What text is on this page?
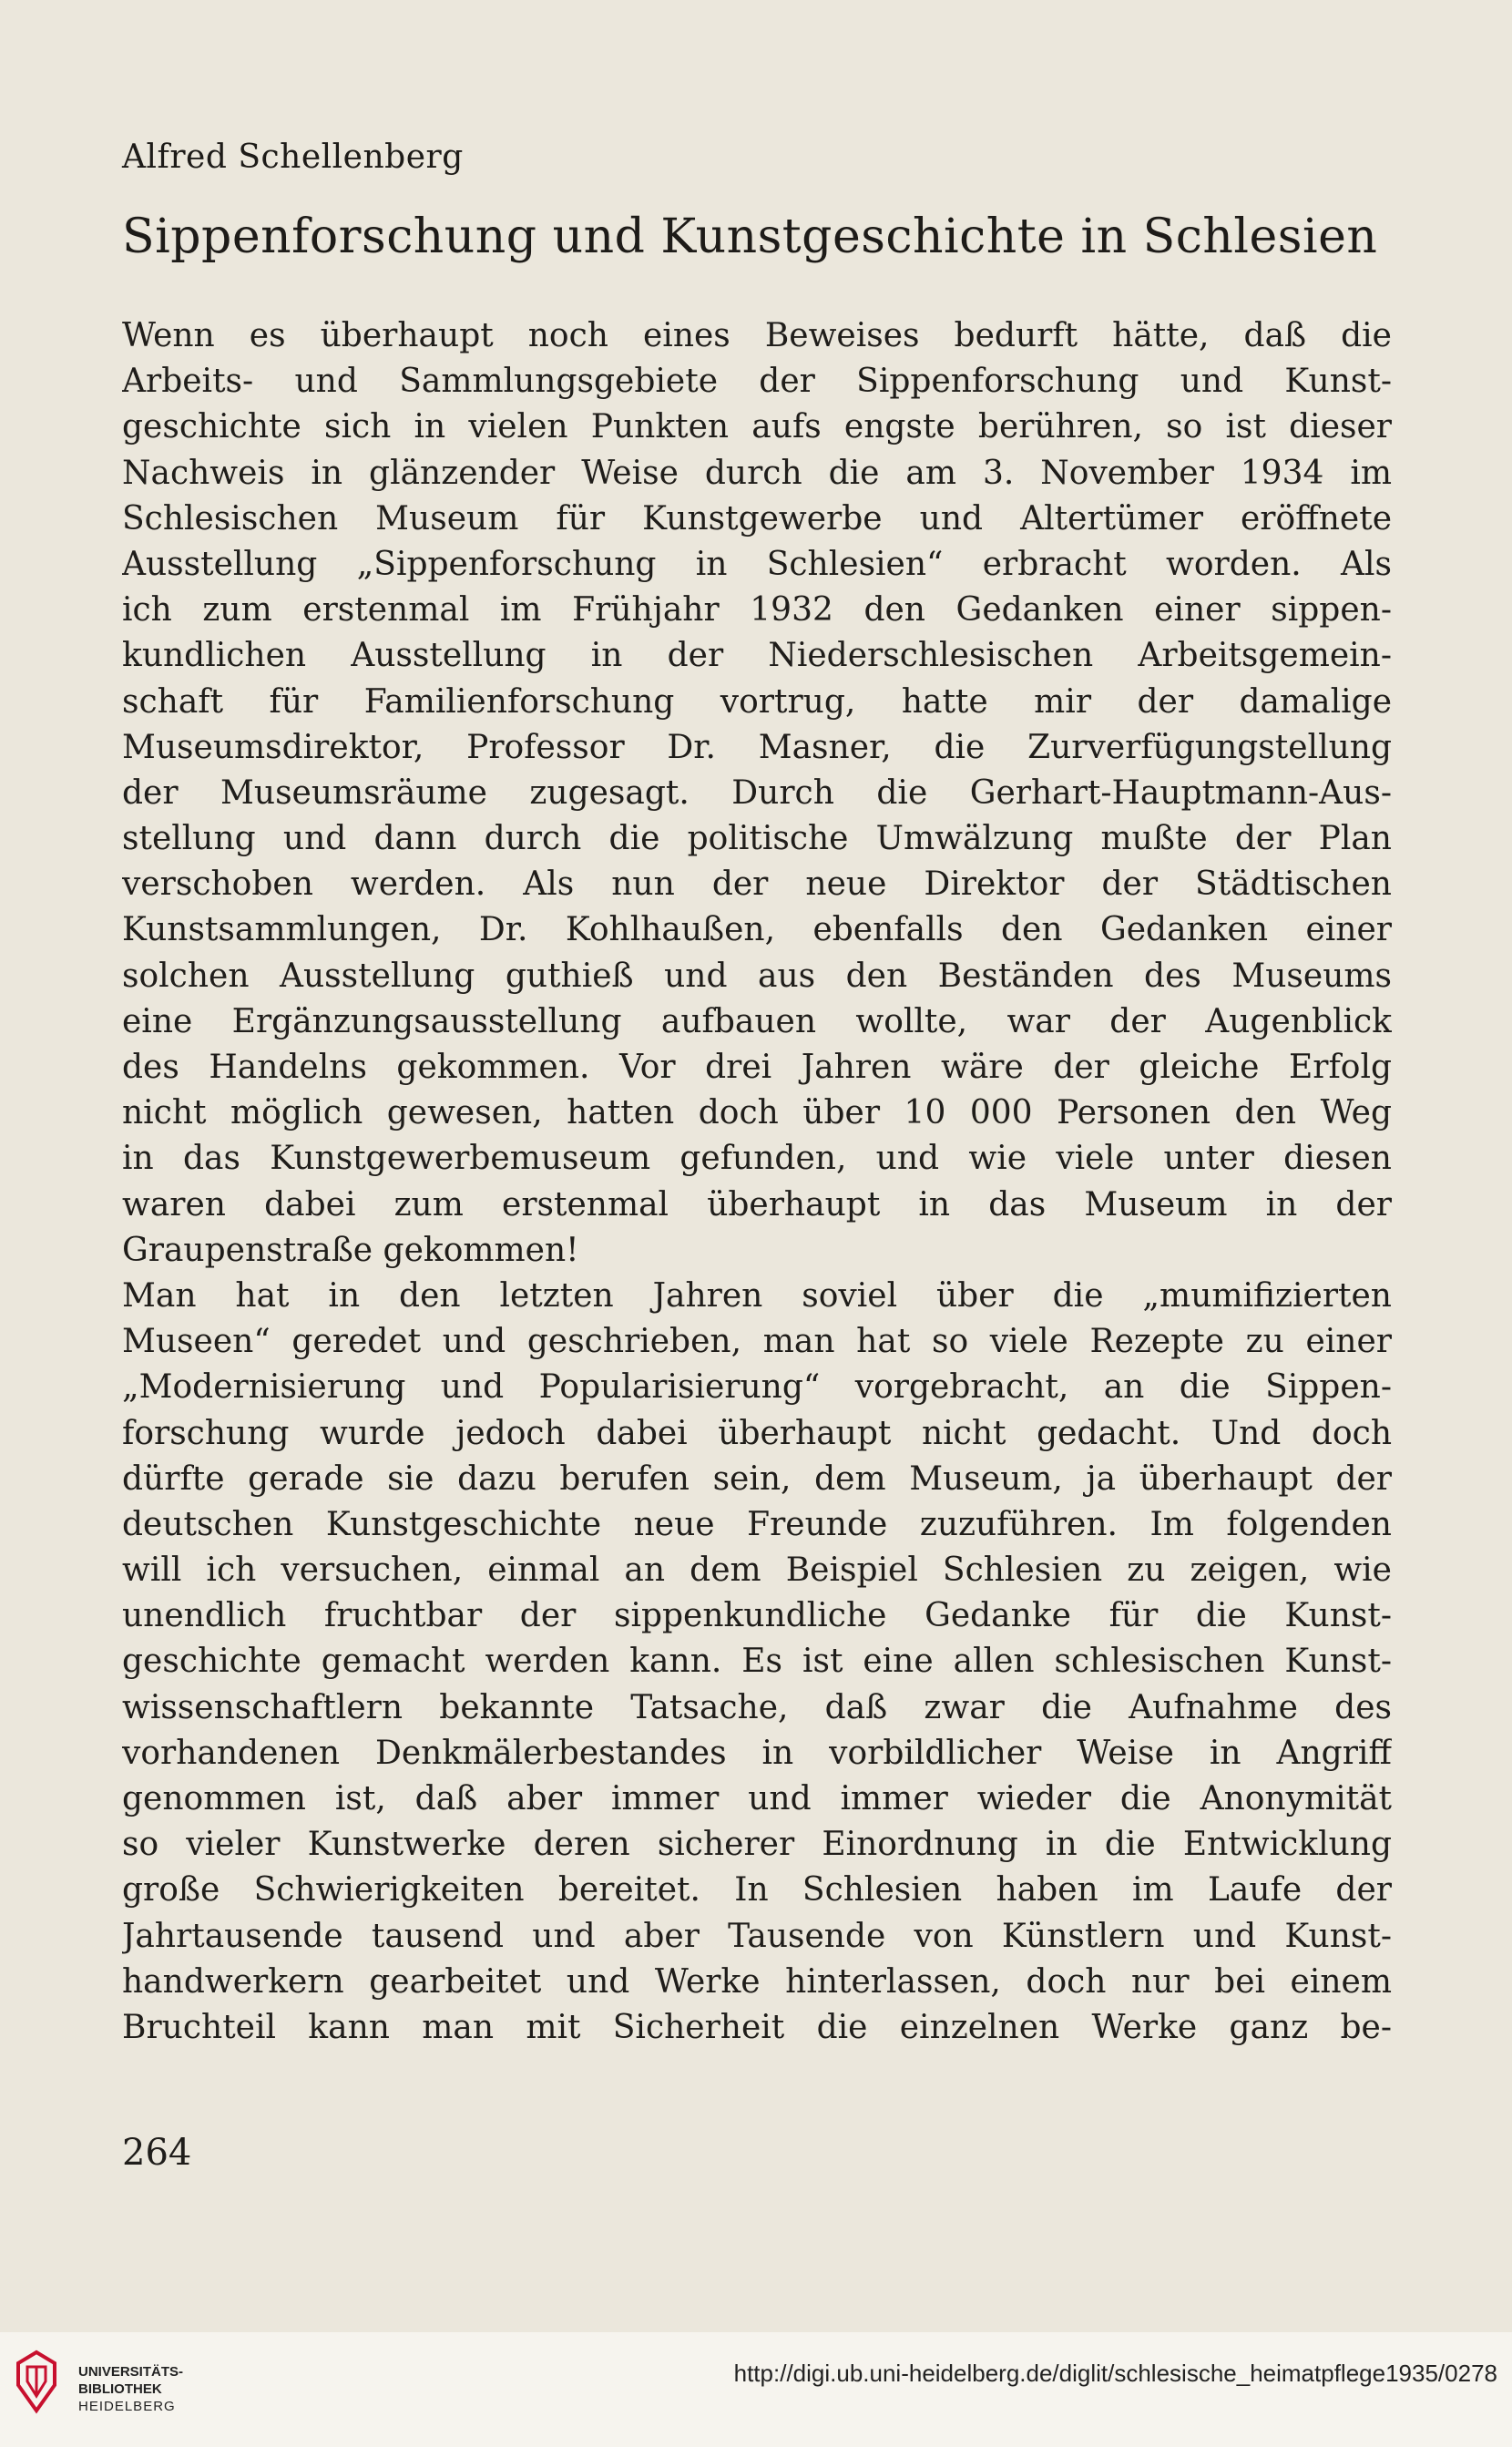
Alfred Schellenberg
Sippenforschung und Kunstgeschichte in Schlesien
Wenn es überhaupt noch eines Beweises bedurft hätte, daß die
Arbeits- und Sammlungsgebiete der Sippenforschung und Kunst-
geschichte sich in vielen Punkten aufs engste berühren, so ist dieser
Nachweis in glänzender Weise durch die am 3. November 1934 im
Schlesischen Museum für Kunstgewerbe und Altertümer eröffnete
Ausstellung „Sippenforschung in Schlesien“ erbracht worden. Als
ich zum erstenmal im Frühjahr 1932 den Gedanken einer sippen-
kundlichen Ausstellung in der Niederschlesischen Arbeitsgemein-
schaft für Familienforschung vortrug, hatte mir der damalige
Museumsdirektor, Professor Dr. Masner, die Zurverfügungstellung
der Museumsräume zugesagt. Durch die Gerhart-Hauptmann-Aus-
stellung und dann durch die politische Umwälzung mußte der Plan
verschoben werden. Als nun der neue Direktor der Städtischen
Kunstsammlungen, Dr. Kohlhaußen, ebenfalls den Gedanken einer
solchen Ausstellung guthieß und aus den Beständen des Museums
eine Ergänzungsausstellung aufbauen wollte, war der Augenblick
des Handelns gekommen. Vor drei Jahren wäre der gleiche Erfolg
nicht möglich gewesen, hatten doch über 10 000 Personen den Weg
in das Kunstgewerbemuseum gefunden, und wie viele unter diesen
waren dabei zum erstenmal überhaupt in das Museum in der
Graupenstraße gekommen!
Man hat in den letzten Jahren soviel über die „mumifizierten
Museen“ geredet und geschrieben, man hat so viele Rezepte zu einer
„Modernisierung und Popularisierung“ vorgebracht, an die Sippen-
forschung wurde jedoch dabei überhaupt nicht gedacht. Und doch
dürfte gerade sie dazu berufen sein, dem Museum, ja überhaupt der
deutschen Kunstgeschichte neue Freunde zuzuführen. Im folgenden
will ich versuchen, einmal an dem Beispiel Schlesien zu zeigen, wie
unendlich fruchtbar der sippenkundliche Gedanke für die Kunst-
geschichte gemacht werden kann. Es ist eine allen schlesischen Kunst-
wissenschaftlern bekannte Tatsache, daß zwar die Aufnahme des
vorhandenen Denkmälerbestandes in vorbildlicher Weise in Angriff
genommen ist, daß aber immer und immer wieder die Anonymität
so vieler Kunstwerke deren sicherer Einordnung in die Entwicklung
große Schwierigkeiten bereitet. In Schlesien haben im Laufe der
Jahrtausende tausend und aber Tausende von Künstlern und Kunst-
handwerkern gearbeitet und Werke hinterlassen, doch nur bei einem
Bruchteil kann man mit Sicherheit die einzelnen Werke ganz be-
264
UNIVERSITÄTS-
BIBLIOTHEK
HEIDELBERG
http://digi.ub.uni-heidelberg.de/diglit/schlesische_heimatpflege1935/0278
